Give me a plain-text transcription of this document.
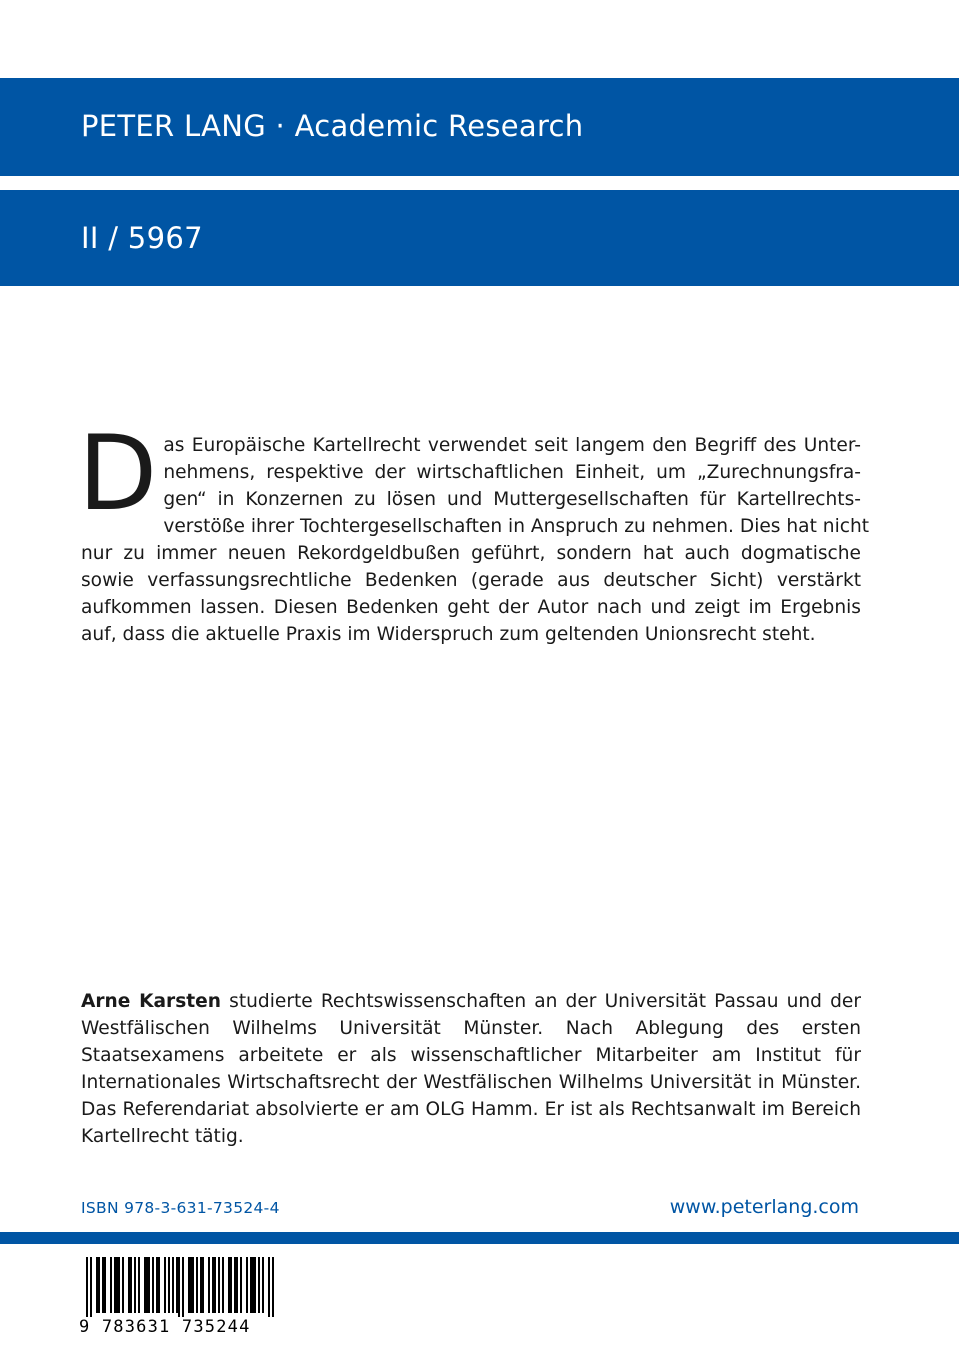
PETER LANG · Academic Research
II / 5967
D as Europäische Kartellrecht verwendet seit langem den Begriff des Unter-
nehmens, respektive der wirtschaftlichen Einheit, um „Zurechnungsfra-
gen“ in Konzernen zu lösen und Muttergesellschaften für Kartellrechts-
verstöße ihrer Tochtergesellschaften in Anspruch zu nehmen. Dies hat nicht
nur zu immer neuen Rekordgeldbußen geführt, sondern hat auch dogmatische
sowie verfassungsrechtliche Bedenken (gerade aus deutscher Sicht) verstärkt
aufkommen lassen. Diesen Bedenken geht der Autor nach und zeigt im Ergebnis
auf, dass die aktuelle Praxis im Widerspruch zum geltenden Unionsrecht steht.

Arne Karsten studierte Rechtswissenschaften an der Universität Passau und der Westfälischen Wilhelms Universität Münster. Nach Ablegung des ersten Staatsexamens arbeitete er als wissenschaftlicher Mitarbeiter am Institut für Internationales Wirtschaftsrecht der Westfälischen Wilhelms Universität in Münster. Das Referendariat absolvierte er am OLG Hamm. Er ist als Rechtsanwalt im Bereich Kartellrecht tätig.

ISBN 978-3-631-73524-4	www.peterlang.com
9 783631 735244
